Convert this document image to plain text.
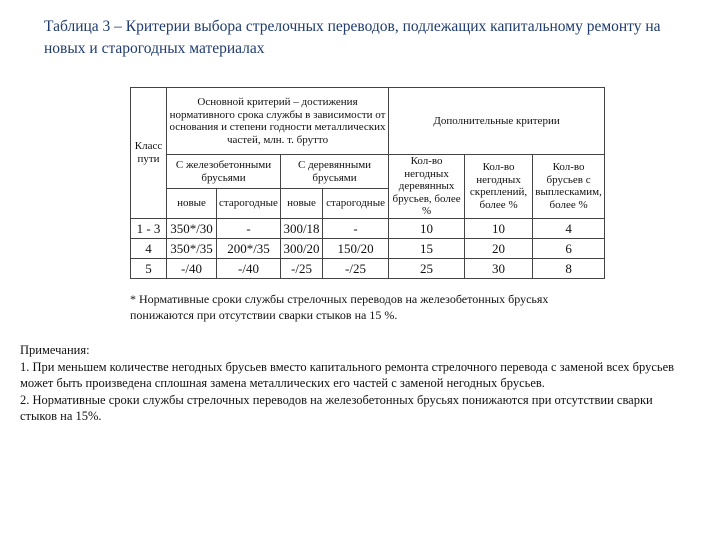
Таблица 3 – Критерии выбора стрелочных переводов, подлежащих капитальному ремонту на новых и старогодных материалах
Класс пути	Основной критерий – достижения нормативного срока службы в зависимости от основания и степени годности металлических частей, млн. т. брутто				Дополнительные критерии		
	С железобетонными брусьями		С деревянными брусьями		Кол-во негодных деревянных брусьев, более %	Кол-во негодных скреплений, более %	Кол-во брусьев с выплескамим, более %
	новые	старогодные	новые	старогодные			
1 - 3	350*/30	-	300/18	-	10	10	4
4	350*/35	200*/35	300/20	150/20	15	20	6
5	-/40	-/40	-/25	-/25	25	30	8
* Нормативные сроки службы стрелочных переводов на железобетонных брусьях понижаются при отсутствии сварки стыков на 15 %.
Примечания:
1. При меньшем количестве негодных брусьев вместо капитального ремонта стрелочного перевода с заменой всех брусьев может быть произведена сплошная замена металлических его частей с заменой негодных брусьев.
2. Нормативные сроки службы стрелочных переводов на железобетонных брусьях понижаются при отсутствии сварки стыков на 15%.
